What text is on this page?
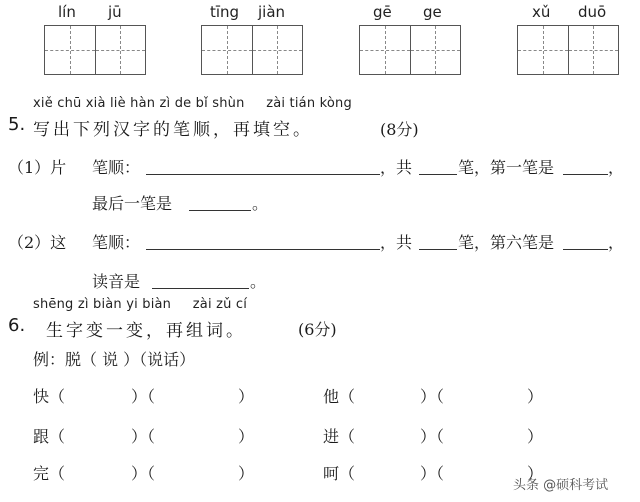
lín jū	tīng jiàn	gē ge	xǔ duō
xiě chū xià liè hàn zì de bǐ shùn     zài tián kòng
5. 写出下列汉字的笔顺，再填空。	(8分)
（1）片 笔顺：	，共	笔，第一笔是	，
最后一笔是	。
（2）这 笔顺：	，共	笔，第六笔是	，
读音是	。
shēng zì biàn yi biàn     zài zǔ cí
6. 生字变一变，再组词。	(6分)
例：脱（ 说 ）（说话）
快（	）（	）	他（	）（	）
跟（	）（	）	进（	）（	）
完（	）（	）	呵（	）（	）
头条 @硕科考试
